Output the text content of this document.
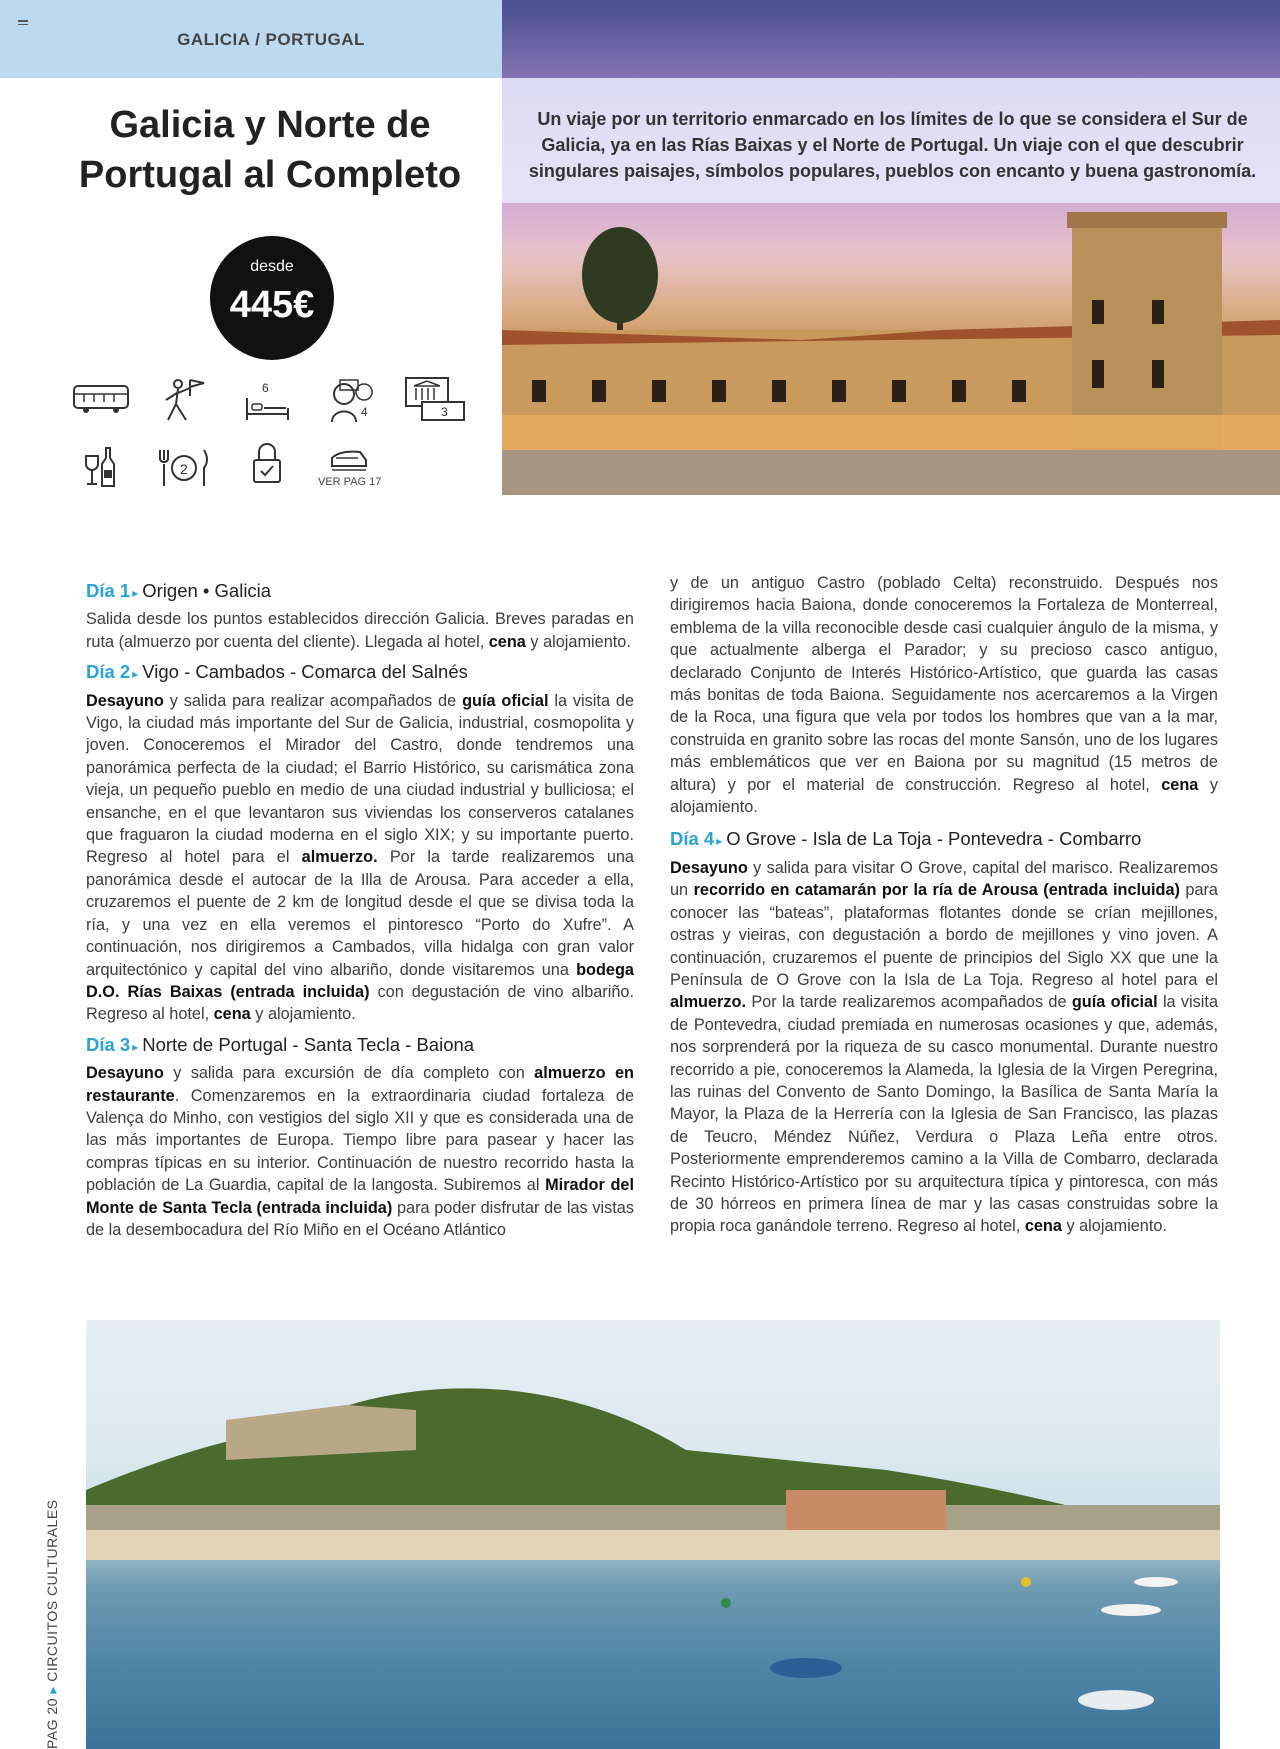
GALICIA / PORTUGAL
Un viaje por un territorio enmarcado en los límites de lo que se considera el Sur de Galicia, ya en las Rías Baixas y el Norte de Portugal. Un viaje con el que descubrir singulares paisajes, símbolos populares, pueblos con encanto y buena gastronomía.
Galicia y Norte de
Portugal al Completo
desde
445€
6
4	3
2
VER PAG 17
Día 1 ▸ Origen • Galicia

Salida desde los puntos establecidos dirección Galicia. Breves paradas en ruta (almuerzo por cuenta del cliente). Llegada al hotel, cena y alojamiento.

Día 2 ▸ Vigo - Cambados - Comarca del Salnés

Desayuno y salida para realizar acompañados de guía oficial la visita de Vigo, la ciudad más importante del Sur de Galicia, industrial, cosmopolita y joven. Conoceremos el Mirador del Castro, donde tendremos una panorámica perfecta de la ciudad; el Barrio Histórico, su carismática zona vieja, un pequeño pueblo en medio de una ciudad industrial y bulliciosa; el ensanche, en el que levantaron sus viviendas los conserveros catalanes que fraguaron la ciudad moderna en el siglo XIX; y su importante puerto. Regreso al hotel para el almuerzo. Por la tarde realizaremos una panorámica desde el autocar de la Illa de Arousa. Para acceder a ella, cruzaremos el puente de 2 km de longitud desde el que se divisa toda la ría, y una vez en ella veremos el pintoresco “Porto do Xufre”. A continuación, nos dirigiremos a Cambados, villa hidalga con gran valor arquitectónico y capital del vino albariño, donde visitaremos una bodega D.O. Rías Baixas (entrada incluida) con degustación de vino albariño. Regreso al hotel, cena y alojamiento.

Día 3 ▸ Norte de Portugal - Santa Tecla - Baiona

Desayuno y salida para excursión de día completo con almuerzo en restaurante. Comenzaremos en la extraordinaria ciudad fortaleza de Valença do Minho, con vestigios del siglo XII y que es considerada una de las más importantes de Europa. Tiempo libre para pasear y hacer las compras típicas en su interior. Continuación de nuestro recorrido hasta la población de La Guardia, capital de la langosta. Subiremos al Mirador del Monte de Santa Tecla (entrada incluida) para poder disfrutar de las vistas de la desembocadura del Río Miño en el Océano Atlántico

y de un antiguo Castro (poblado Celta) reconstruido. Después nos dirigiremos hacia Baiona, donde conoceremos la Fortaleza de Monterreal, emblema de la villa reconocible desde casi cualquier ángulo de la misma, y que actualmente alberga el Parador; y su precioso casco antiguo, declarado Conjunto de Interés Histórico-Artístico, que guarda las casas más bonitas de toda Baiona. Seguidamente nos acercaremos a la Virgen de la Roca, una figura que vela por todos los hombres que van a la mar, construida en granito sobre las rocas del monte Sansón, uno de los lugares más emblemáticos que ver en Baiona por su magnitud (15 metros de altura) y por el material de construcción. Regreso al hotel, cena y alojamiento.

Día 4 ▸ O Grove - Isla de La Toja - Pontevedra - Combarro

Desayuno y salida para visitar O Grove, capital del marisco. Realizaremos un recorrido en catamarán por la ría de Arousa (entrada incluida) para conocer las “bateas”, plataformas flotantes donde se crían mejillones, ostras y vieiras, con degustación a bordo de mejillones y vino joven. A continuación, cruzaremos el puente de principios del Siglo XX que une la Península de O Grove con la Isla de La Toja. Regreso al hotel para el almuerzo. Por la tarde realizaremos acompañados de guía oficial la visita de Pontevedra, ciudad premiada en numerosas ocasiones y que, además, nos sorprenderá por la riqueza de su casco monumental. Durante nuestro recorrido a pie, conoceremos la Alameda, la Iglesia de la Virgen Peregrina, las ruinas del Convento de Santo Domingo, la Basílica de Santa María la Mayor, la Plaza de la Herrería con la Iglesia de San Francisco, las plazas de Teucro, Méndez Núñez, Verdura o Plaza Leña entre otros. Posteriormente emprenderemos camino a la Villa de Combarro, declarada Recinto Histórico-Artístico por su arquitectura típica y pintoresca, con más de 30 hórreos en primera línea de mar y las casas construidas sobre la propia roca ganándole terreno. Regreso al hotel, cena y alojamiento.

PAG 20 ▸ CIRCUITOS CULTURALES
